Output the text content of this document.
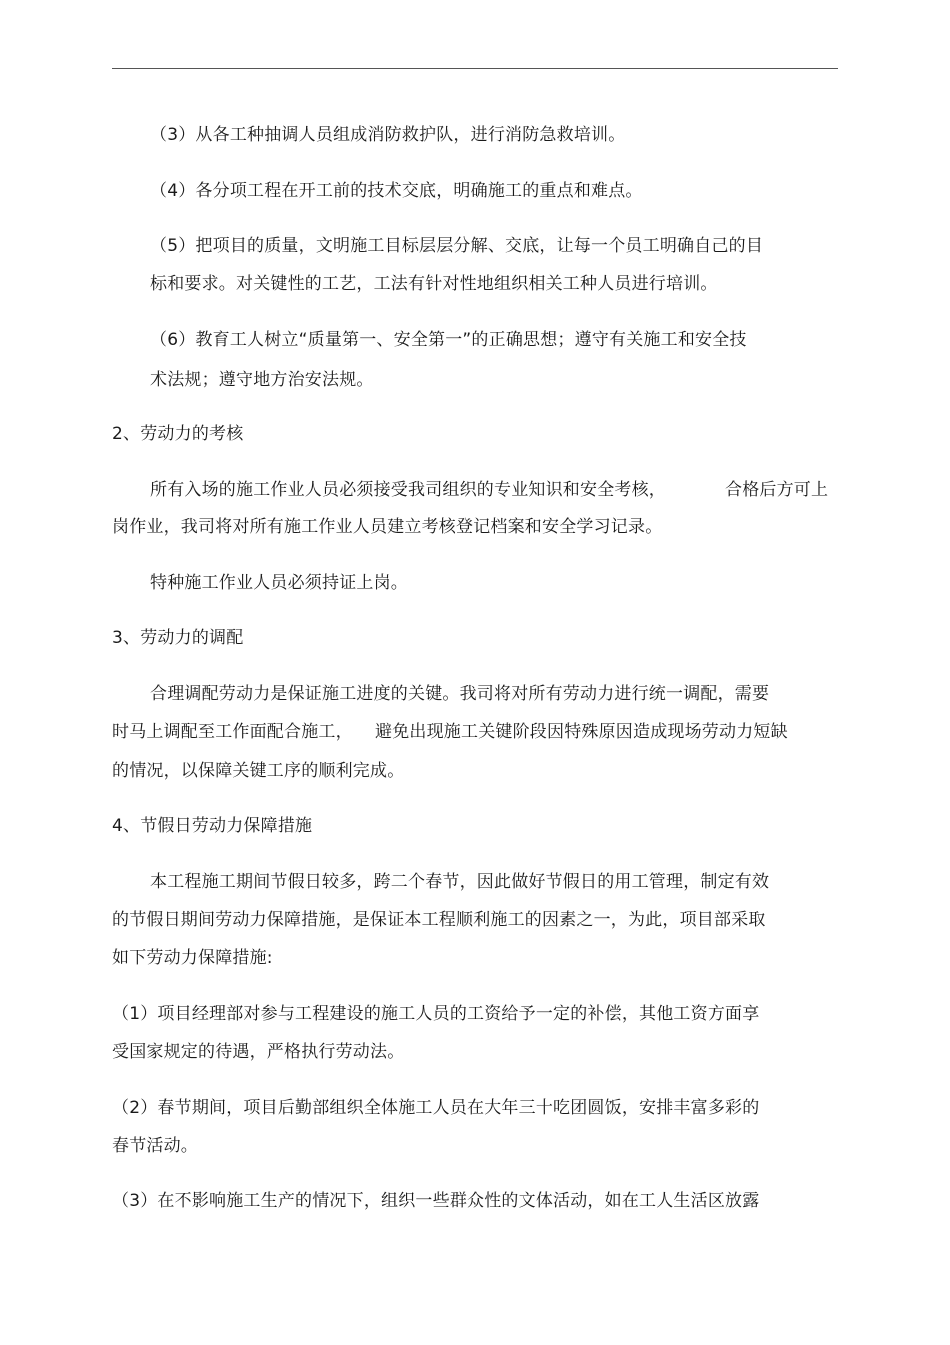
（3）从各工种抽调人员组成消防救护队，进行消防急救培训。
（4）各分项工程在开工前的技术交底，明确施工的重点和难点。
（5）把项目的质量，文明施工目标层层分解、交底，让每一个员工明确自己的目
标和要求。对关键性的工艺，工法有针对性地组织相关工种人员进行培训。
（6）教育工人树立“质量第一、安全第一”的正确思想；遵守有关施工和安全技
术法规；遵守地方治安法规。
2、劳动力的考核
所有入场的施工作业人员必须接受我司组织的专业知识和安全考核，	合格后方可上
岗作业，我司将对所有施工作业人员建立考核登记档案和安全学习记录。
特种施工作业人员必须持证上岗。
3、劳动力的调配
合理调配劳动力是保证施工进度的关键。我司将对所有劳动力进行统一调配，需要
时马上调配至工作面配合施工， 避免出现施工关键阶段因特殊原因造成现场劳动力短缺
的情况，以保障关键工序的顺利完成。
4、节假日劳动力保障措施
本工程施工期间节假日较多，跨二个春节，因此做好节假日的用工管理，制定有效
的节假日期间劳动力保障措施，是保证本工程顺利施工的因素之一，为此，项目部采取
如下劳动力保障措施:
（1）项目经理部对参与工程建设的施工人员的工资给予一定的补偿，其他工资方面享
受国家规定的待遇，严格执行劳动法。
（2）春节期间，项目后勤部组织全体施工人员在大年三十吃团圆饭，安排丰富多彩的
春节活动。
（3）在不影响施工生产的情况下，组织一些群众性的文体活动，如在工人生活区放露
